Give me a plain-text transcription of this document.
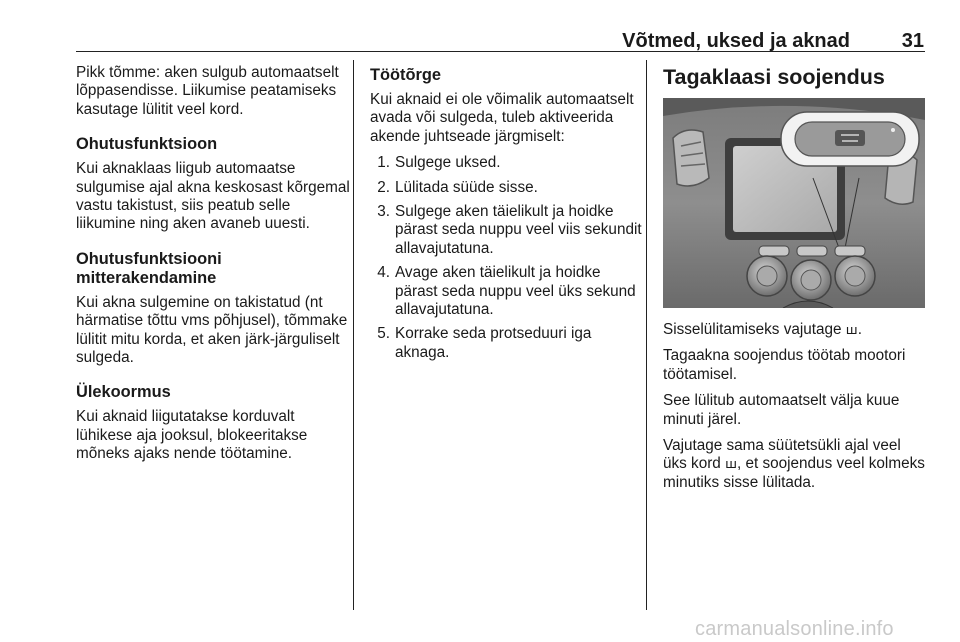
Võtmed, uksed ja aknad	31

Pikk tõmme: aken sulgub automaatselt lõppasendisse. Liikumise peatamiseks kasutage lülitit veel kord.

Ohutusfunktsioon

Kui aknaklaas liigub automaatse sulgumise ajal akna keskosast kõrgemal vastu takistust, siis peatub selle liikumine ning aken avaneb uuesti.

Ohutusfunktsiooni mitterakendamine

Kui akna sulgemine on takistatud (nt härmatise tõttu vms põhjusel), tõmmake lülitit mitu korda, et aken järk-järguliselt sulgeda.

Ülekoormus

Kui aknaid liigutatakse korduvalt lühikese aja jooksul, blokeeritakse mõneks ajaks nende töötamine.

Töötõrge

Kui aknaid ei ole võimalik automaatselt avada või sulgeda, tuleb aktiveerida akende juhtseade järgmiselt:

1. Sulgege uksed.
2. Lülitada süüde sisse.
3. Sulgege aken täielikult ja hoidke pärast seda nuppu veel viis sekundit allavajutatuna.
4. Avage aken täielikult ja hoidke pärast seda nuppu veel üks sekund allavajutatuna.
5. Korrake seda protseduuri iga aknaga.
Tagaklaasi soojendus

Sisselülitamiseks vajutage ꟺ.

Tagaakna soojendus töötab mootori töötamisel.

See lülitub automaatselt välja kuue minuti järel.

Vajutage sama süütetsükli ajal veel üks kord ꟺ, et soojendus veel kolmeks minutiks sisse lülitada.

carmanualsonline.info
